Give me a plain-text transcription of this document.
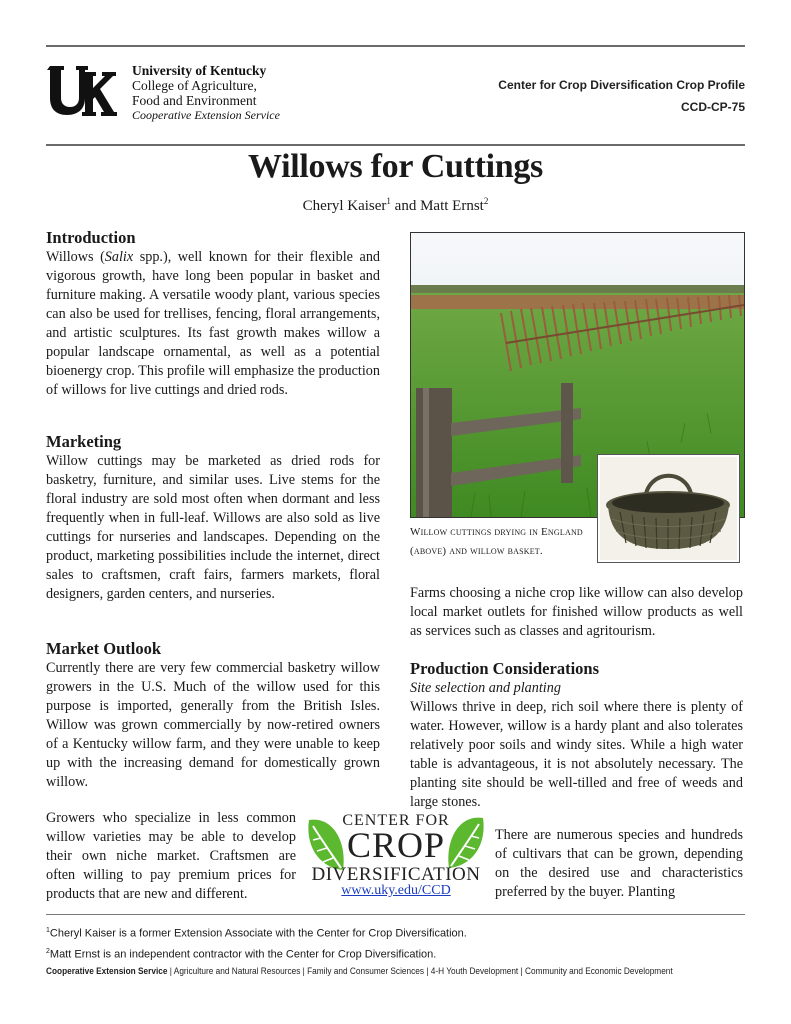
University of Kentucky
College of Agriculture,
Food and Environment
Cooperative Extension Service
Center for Crop Diversification Crop Profile
CCD-CP-75
Willows for Cuttings
Cheryl Kaiser$^1$ and Matt Ernst$^2$
Introduction

Willows (Salix spp.), well known for their flexible and vigorous growth, have long been popular in basket and furniture making. A versatile woody plant, various species can also be used for trellises, fencing, floral arrangements, and artistic sculptures. Its fast growth makes willow a popular landscape ornamental, as well as a potential bioenergy crop. This profile will emphasize the production of willows for live cuttings and dried rods.

Marketing

Willow cuttings may be marketed as dried rods for basketry, furniture, and similar uses. Live stems for the floral industry are sold most often when dormant and less frequently when in full-leaf. Willows are also sold as live cuttings for nurseries and landscapes. Depending on the product, marketing possibilities include the internet, direct sales to craftsmen, craft fairs, farmers markets, floral designers, garden centers, and nurseries.

Market Outlook

Currently there are very few commercial basketry willow growers in the U.S. Much of the willow used for this purpose is imported, generally from the British Isles. Willow was grown commercially by now-retired owners of a Kentucky willow farm, and they were unable to keep up with the increasing demand for domestically grown willow.

Growers who specialize in less common willow varieties may be able to develop their own niche market. Craftsmen are often willing to pay premium prices for products that are new and different.

Willow cuttings drying in England (above) and willow basket.

Farms choosing a niche crop like willow can also develop local market outlets for finished willow products as well as services such as classes and agritourism.

Production Considerations

Site selection and planting

Willows thrive in deep, rich soil where there is plenty of water. However, willow is a hardy plant and also tolerates relatively poor soils and windy sites. While a high water table is advantageous, it is not absolutely necessary. The planting site should be well-tilled and free of weeds and large stones.

There are numerous species and hundreds of cultivars that can be grown, depending on the desired use and characteristics preferred by the buyer. Planting

CENTER FOR
CROP
DIVERSIFICATION
www.uky.edu/CCD
$^1$Cheryl Kaiser is a former Extension Associate with the Center for Crop Diversification.
$^2$Matt Ernst is an independent contractor with the Center for Crop Diversification.
Cooperative Extension Service | Agriculture and Natural Resources | Family and Consumer Sciences | 4-H Youth Development | Community and Economic Development
